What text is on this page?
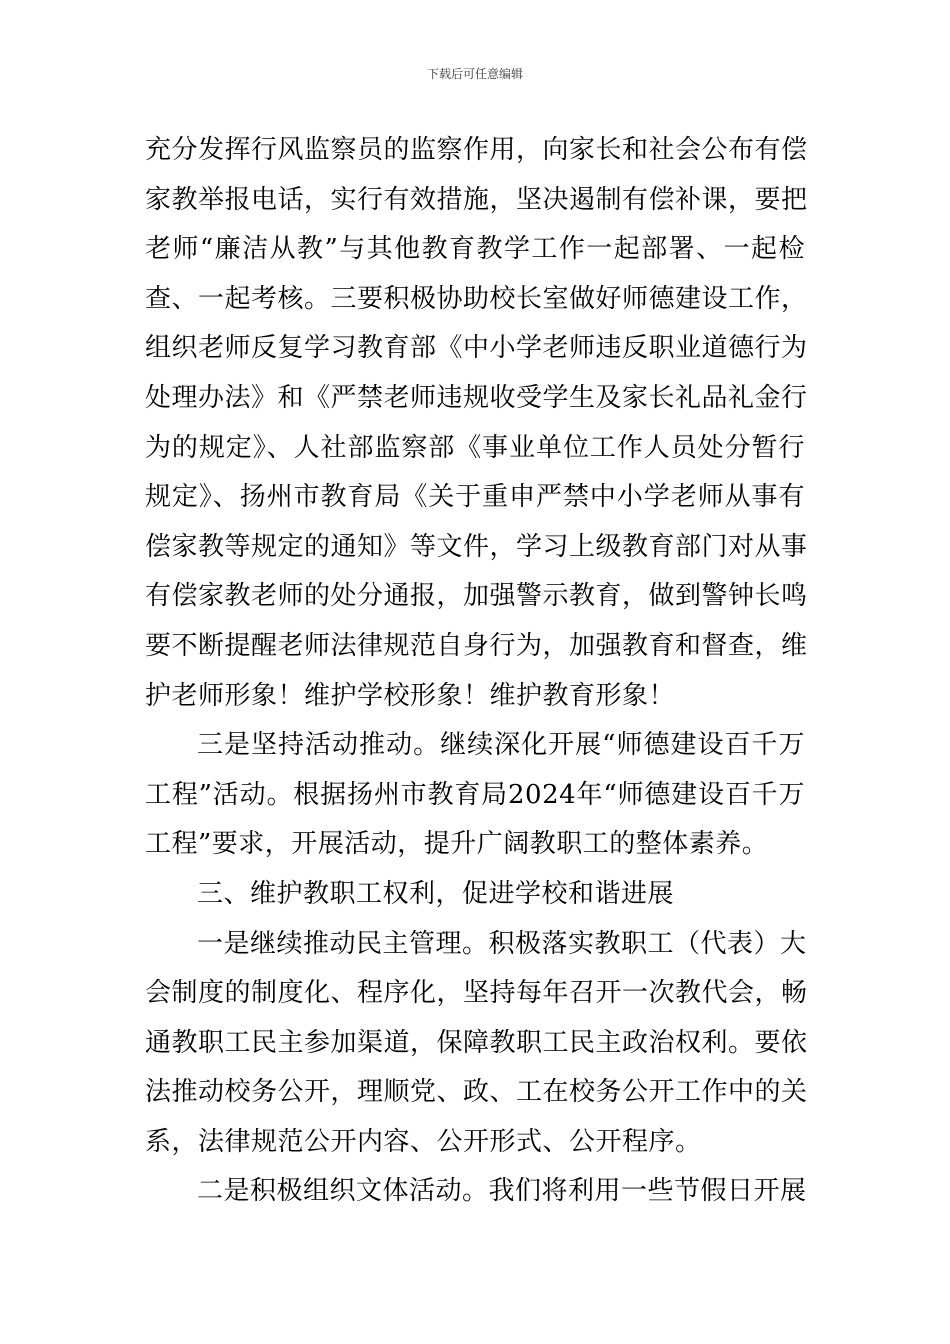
下载后可任意编辑
充分发挥行风监察员的监察作用，向家长和社会公布有偿
家教举报电话，实行有效措施，坚决遏制有偿补课，要把
老师“廉洁从教”与其他教育教学工作一起部署、一起检
查、一起考核。三要积极协助校长室做好师德建设工作，
组织老师反复学习教育部《中小学老师违反职业道德行为
处理办法》和《严禁老师违规收受学生及家长礼品礼金行
为的规定》、人社部监察部《事业单位工作人员处分暂行
规定》、扬州市教育局《关于重申严禁中小学老师从事有
偿家教等规定的通知》等文件，学习上级教育部门对从事
有偿家教老师的处分通报，加强警示教育，做到警钟长鸣
要不断提醒老师法律规范自身行为，加强教育和督查，维
护老师形象！维护学校形象！维护教育形象！
三是坚持活动推动。继续深化开展“师德建设百千万
工程”活动。根据扬州市教育局2024年“师德建设百千万
工程”要求，开展活动，提升广阔教职工的整体素养。
三、维护教职工权利，促进学校和谐进展
一是继续推动民主管理。积极落实教职工（代表）大
会制度的制度化、程序化，坚持每年召开一次教代会，畅
通教职工民主参加渠道，保障教职工民主政治权利。要依
法推动校务公开，理顺党、政、工在校务公开工作中的关
系，法律规范公开内容、公开形式、公开程序。
二是积极组织文体活动。我们将利用一些节假日开展
